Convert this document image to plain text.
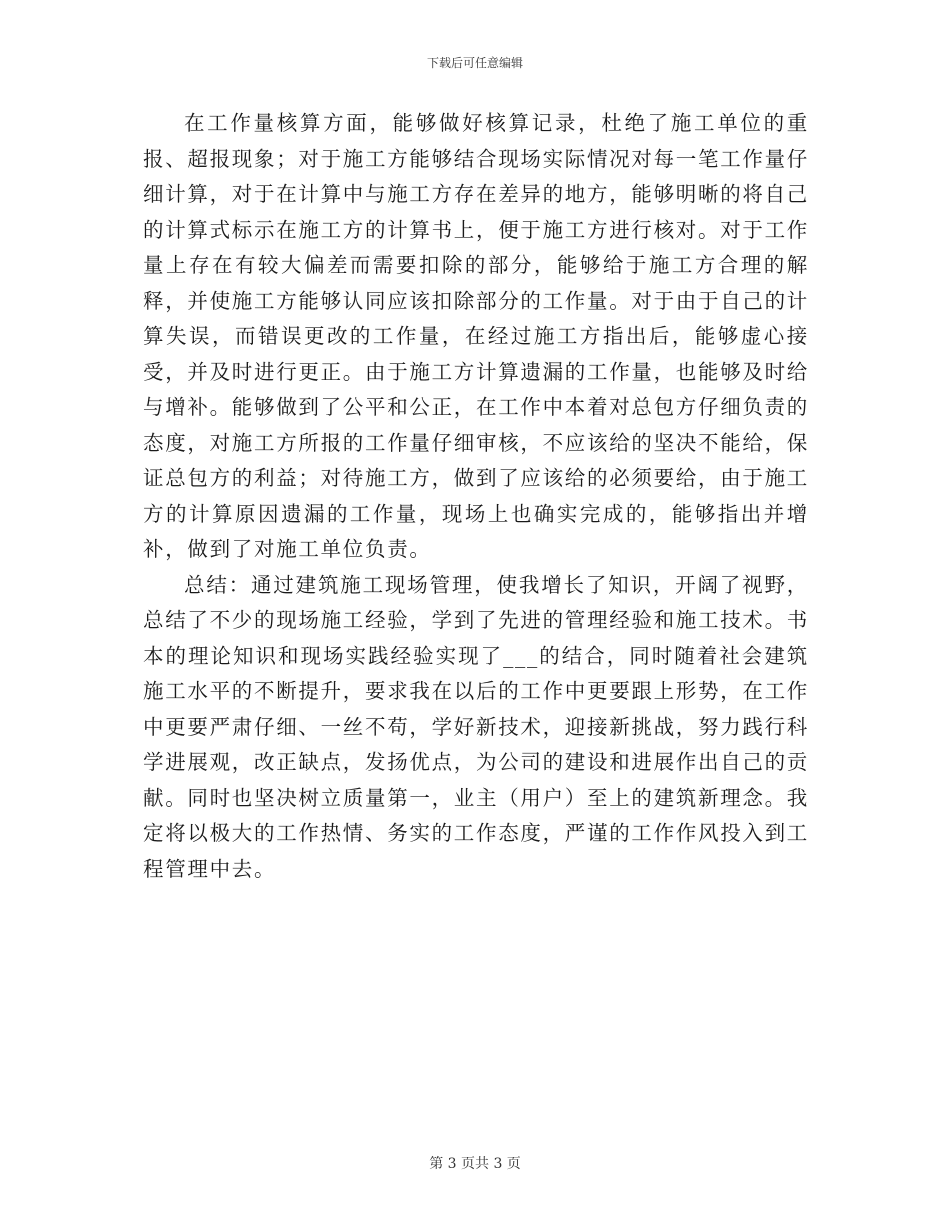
下载后可任意编辑

在工作量核算方面，能够做好核算记录，杜绝了施工单位的重报、超报现象；对于施工方能够结合现场实际情况对每一笔工作量仔细计算，对于在计算中与施工方存在差异的地方，能够明晰的将自己的计算式标示在施工方的计算书上，便于施工方进行核对。对于工作量上存在有较大偏差而需要扣除的部分，能够给于施工方合理的解释，并使施工方能够认同应该扣除部分的工作量。对于由于自己的计算失误，而错误更改的工作量，在经过施工方指出后，能够虚心接受，并及时进行更正。由于施工方计算遗漏的工作量，也能够及时给与增补。能够做到了公平和公正，在工作中本着对总包方仔细负责的态度，对施工方所报的工作量仔细审核，不应该给的坚决不能给，保证总包方的利益；对待施工方，做到了应该给的必须要给，由于施工方的计算原因遗漏的工作量，现场上也确实完成的，能够指出并增补，做到了对施工单位负责。

总结：通过建筑施工现场管理，使我增长了知识，开阔了视野，总结了不少的现场施工经验，学到了先进的管理经验和施工技术。书本的理论知识和现场实践经验实现了___的结合，同时随着社会建筑施工水平的不断提升，要求我在以后的工作中更要跟上形势，在工作中更要严肃仔细、一丝不苟，学好新技术，迎接新挑战，努力践行科学进展观，改正缺点，发扬优点，为公司的建设和进展作出自己的贡献。同时也坚决树立质量第一，业主（用户）至上的建筑新理念。我定将以极大的工作热情、务实的工作态度，严谨的工作作风投入到工程管理中去。

第 3 页共 3 页
